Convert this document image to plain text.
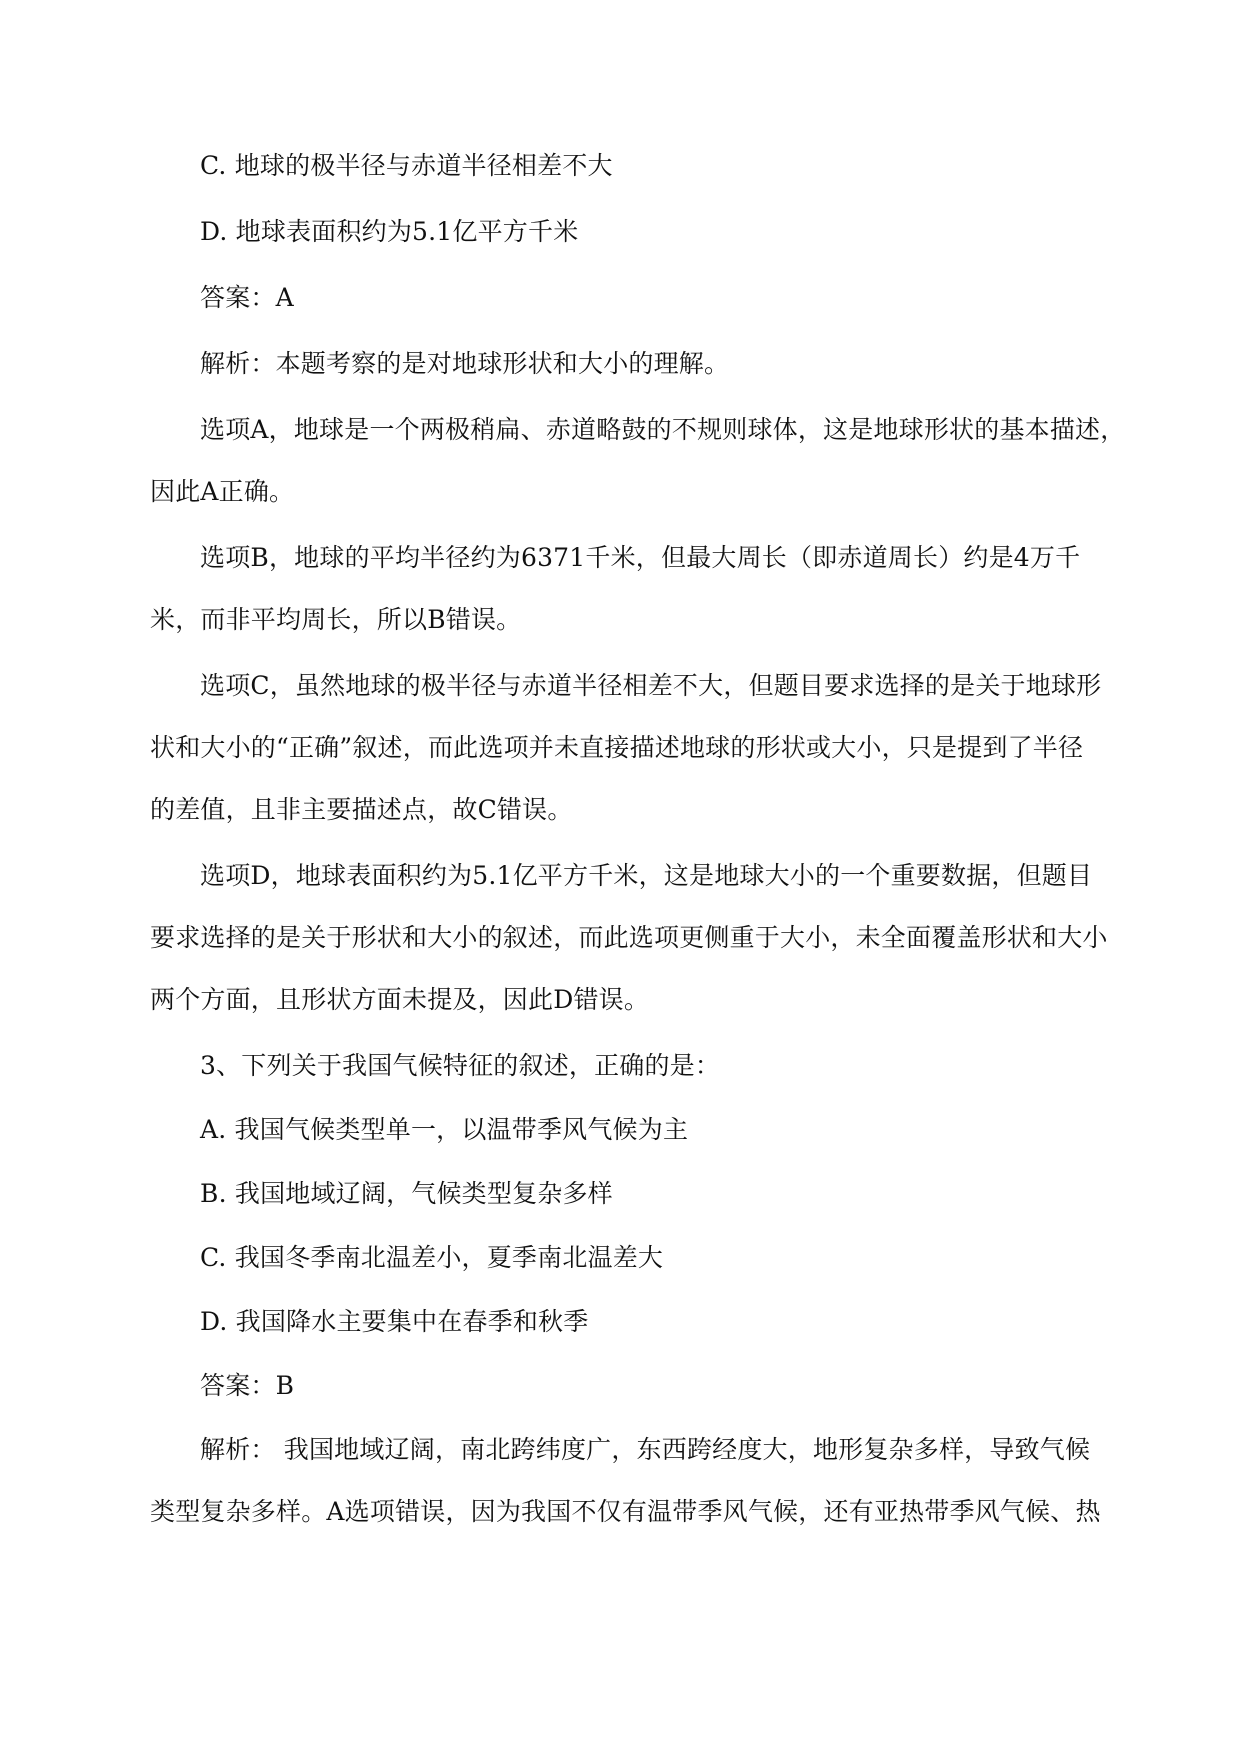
C. 地球的极半径与赤道半径相差不大
D. 地球表面积约为5.1亿平方千米
答案：A
解析：本题考察的是对地球形状和大小的理解。
选项A，地球是一个两极稍扁、赤道略鼓的不规则球体，这是地球形状的基本描述，
因此A正确。
选项B，地球的平均半径约为6371千米，但最大周长（即赤道周长）约是4万千
米，而非平均周长，所以B错误。
选项C，虽然地球的极半径与赤道半径相差不大，但题目要求选择的是关于地球形
状和大小的“正确”叙述，而此选项并未直接描述地球的形状或大小，只是提到了半径
的差值，且非主要描述点，故C错误。
选项D，地球表面积约为5.1亿平方千米，这是地球大小的一个重要数据，但题目
要求选择的是关于形状和大小的叙述，而此选项更侧重于大小，未全面覆盖形状和大小
两个方面，且形状方面未提及，因此D错误。
3、下列关于我国气候特征的叙述，正确的是：
A. 我国气候类型单一，以温带季风气候为主
B. 我国地域辽阔，气候类型复杂多样
C. 我国冬季南北温差小，夏季南北温差大
D. 我国降水主要集中在春季和秋季
答案：B
解析： 我国地域辽阔，南北跨纬度广，东西跨经度大，地形复杂多样，导致气候
类型复杂多样。A选项错误，因为我国不仅有温带季风气候，还有亚热带季风气候、热
